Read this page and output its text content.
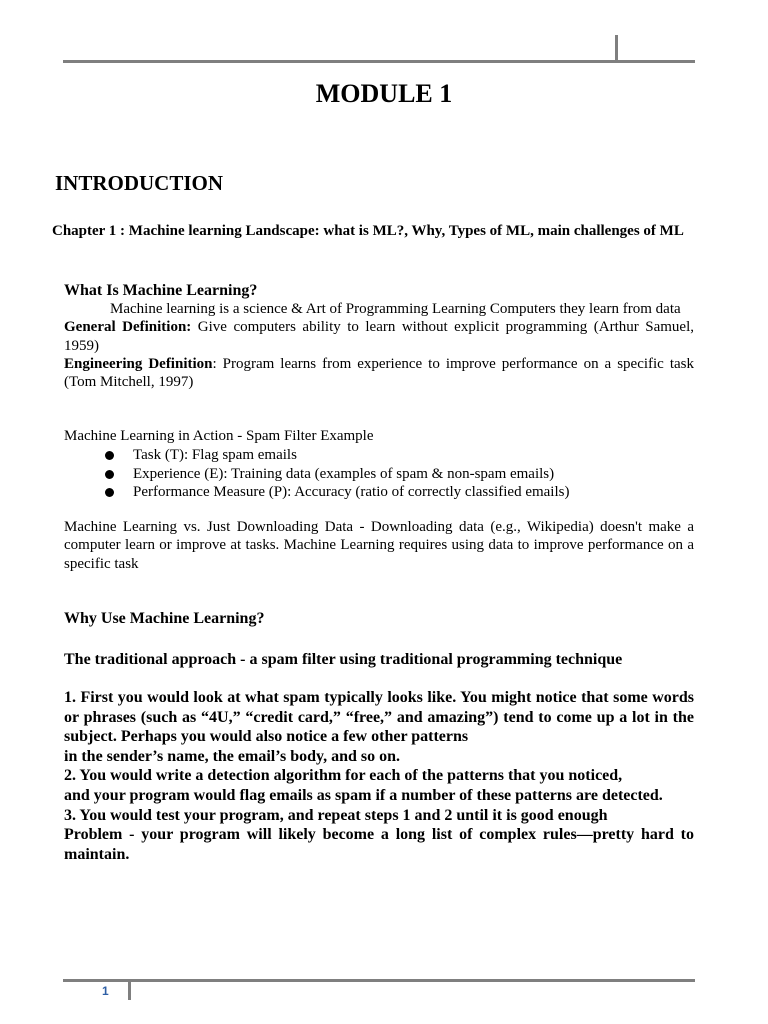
MODULE 1
INTRODUCTION
Chapter 1 : Machine learning Landscape: what is ML?, Why, Types of ML, main challenges of ML
What Is Machine Learning?
Machine learning is a science & Art of Programming Learning Computers they learn from data
General Definition: Give computers ability to learn without explicit programming (Arthur Samuel, 1959)
Engineering Definition: Program learns from experience to improve performance on a specific task (Tom Mitchell, 1997)
Machine Learning in Action - Spam Filter Example
Task (T): Flag spam emails
Experience (E): Training data (examples of spam & non-spam emails)
Performance Measure (P): Accuracy (ratio of correctly classified emails)
Machine Learning vs. Just Downloading Data - Downloading data (e.g., Wikipedia) doesn't make a computer learn or improve at tasks. Machine Learning requires using data to improve performance on a specific task
Why Use Machine Learning?
The traditional approach - a spam filter using traditional programming technique

1. First you would look at what spam typically looks like. You might notice that some words or phrases (such as “4U,” “credit card,” “free,” and amazing”) tend to come up a lot in the subject. Perhaps you would also notice a few other patterns

in the sender’s name, the email’s body, and so on.

2. You would write a detection algorithm for each of the patterns that you noticed,

and your program would flag emails as spam if a number of these patterns are detected.

3. You would test your program, and repeat steps 1 and 2 until it is good enough

Problem - your program will likely become a long list of complex rules—pretty hard to maintain.

1
